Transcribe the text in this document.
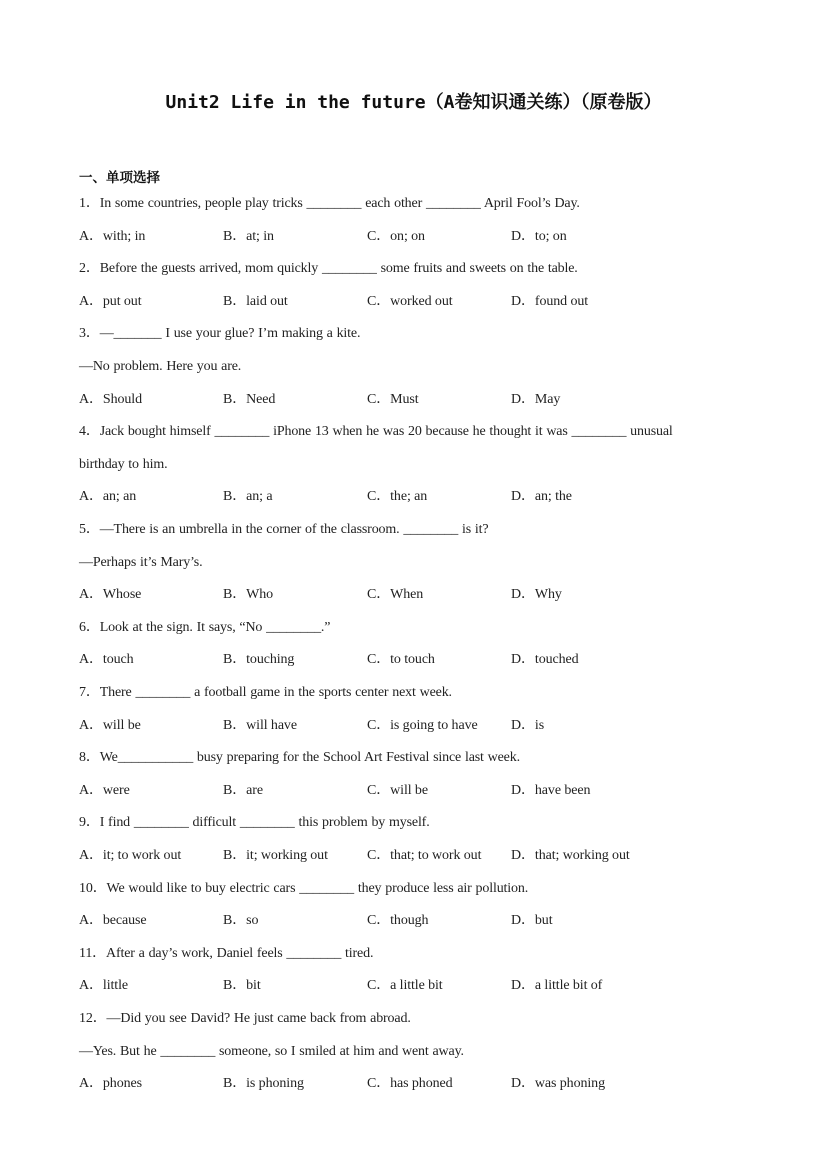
Unit2 Life in the future（A卷知识通关练）（原卷版）
一、单项选择
1．In some countries, people play tricks ________ each other ________ April Fool’s Day.
A．with; in	B．at; in	C．on; on	D．to; on
2．Before the guests arrived, mom quickly ________ some fruits and sweets on the table.
A．put out	B．laid out	C．worked out	D．found out
3．—_______ I use your glue? I’m making a kite.
—No problem. Here you are.
A．Should	B．Need	C．Must	D．May
4．Jack bought himself ________ iPhone 13 when he was 20 because he thought it was ________ unusual
birthday to him.
A．an; an	B．an; a	C．the; an	D．an; the
5．—There is an umbrella in the corner of the classroom. ________ is it?
—Perhaps it’s Mary’s.
A．Whose	B．Who	C．When	D．Why
6．Look at the sign. It says, “No ________.”
A．touch	B．touching	C．to touch	D．touched
7．There ________ a football game in the sports center next week.
A．will be	B．will have	C．is going to have D．is
8．We___________ busy preparing for the School Art Festival since last week.
A．were	B．are	C．will be	D．have been
9．I find ________ difficult ________ this problem by myself.
A．it; to work out	B．it; working out	C．that; to work out D．that; working out
10．We would like to buy electric cars ________ they produce less air pollution.
A．because	B．so	C．though	D．but
11．After a day’s work, Daniel feels ________ tired.
A．little	B．bit	C．a little bit	D．a little bit of
12．—Did you see David? He just came back from abroad.
—Yes. But he ________ someone, so I smiled at him and went away.
A．phones	B．is phoning	C．has phoned	D．was phoning
